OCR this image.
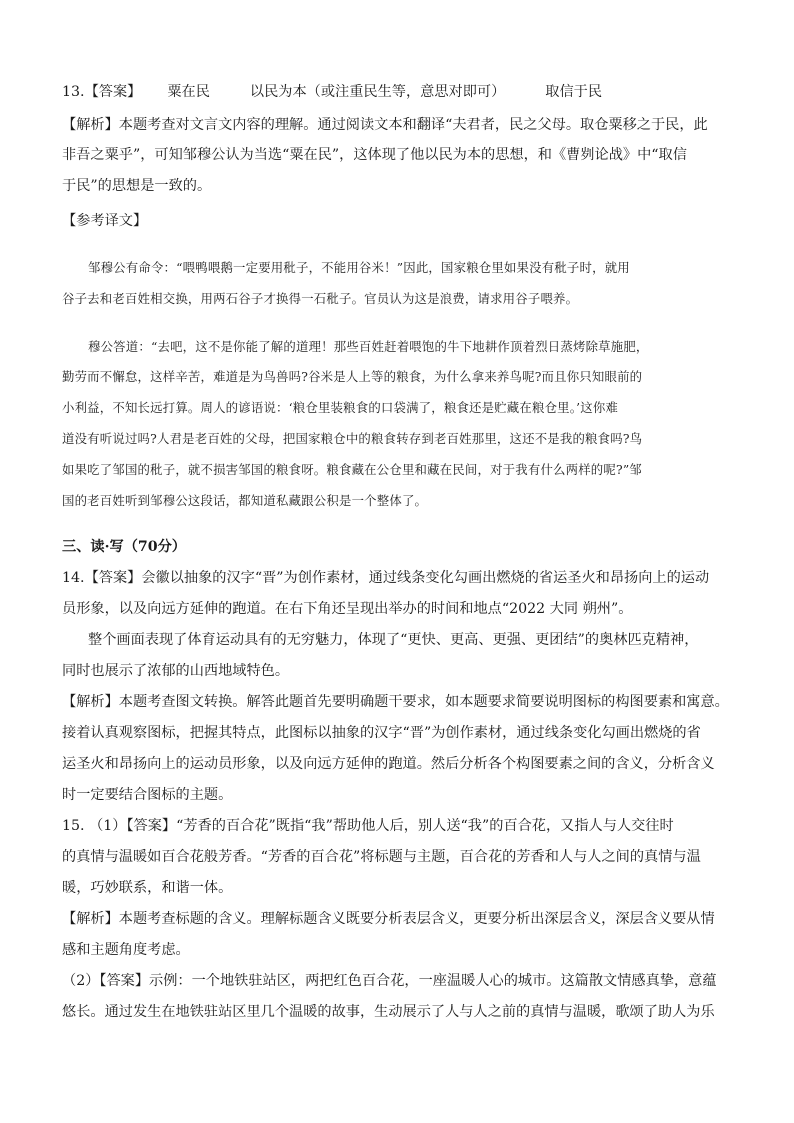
13.【答案】 粟在民	以民为本（或注重民生等，意思对即可）	取信于民
【解析】本题考查对文言文内容的理解。通过阅读文本和翻译“夫君者，民之父母。取仓粟移之于民，此
非吾之粟乎”，可知邹穆公认为当选“粟在民”，这体现了他以民为本的思想，和《曹刿论战》中“取信
于民”的思想是一致的。
【参考译文】
邹穆公有命令：“喂鸭喂鹅一定要用秕子，不能用谷米！”因此，国家粮仓里如果没有秕子时，就用
谷子去和老百姓相交换，用两石谷子才换得一石秕子。官员认为这是浪费，请求用谷子喂养。
穆公答道：“去吧，这不是你能了解的道理！那些百姓赶着喂饱的牛下地耕作顶着烈日蒸烤除草施肥，
勤劳而不懈怠，这样辛苦，难道是为鸟兽吗?谷米是人上等的粮食，为什么拿来养鸟呢?而且你只知眼前的
小利益，不知长远打算。周人的谚语说：‘粮仓里装粮食的口袋满了，粮食还是贮藏在粮仓里。’这你难
道没有听说过吗?人君是老百姓的父母，把国家粮仓中的粮食转存到老百姓那里，这还不是我的粮食吗?鸟
如果吃了邹国的秕子，就不损害邹国的粮食呀。粮食藏在公仓里和藏在民间，对于我有什么两样的呢?”邹
国的老百姓听到邹穆公这段话，都知道私藏跟公积是一个整体了。
三、读·写（70分）
14.【答案】会徽以抽象的汉字“晋”为创作素材，通过线条变化勾画出燃烧的省运圣火和昂扬向上的运动
员形象，以及向远方延伸的跑道。在右下角还呈现出举办的时间和地点“2022 大同 朔州”。
整个画面表现了体育运动具有的无穷魅力，体现了“更快、更高、更强、更团结”的奥林匹克精神，
同时也展示了浓郁的山西地域特色。
【解析】本题考查图文转换。解答此题首先要明确题干要求，如本题要求简要说明图标的构图要素和寓意。
接着认真观察图标，把握其特点，此图标以抽象的汉字“晋”为创作素材，通过线条变化勾画出燃烧的省
运圣火和昂扬向上的运动员形象，以及向远方延伸的跑道。然后分析各个构图要素之间的含义，分析含义
时一定要结合图标的主题。
15. （1）【答案】“芳香的百合花”既指“我”帮助他人后，别人送“我”的百合花，又指人与人交往时
的真情与温暖如百合花般芳香。“芳香的百合花”将标题与主题，百合花的芳香和人与人之间的真情与温
暖，巧妙联系，和谐一体。
【解析】本题考查标题的含义。理解标题含义既要分析表层含义，更要分析出深层含义，深层含义要从情
感和主题角度考虑。
（2）【答案】示例：一个地铁驻站区，两把红色百合花，一座温暖人心的城市。这篇散文情感真挚，意蕴
悠长。通过发生在地铁驻站区里几个温暖的故事，生动展示了人与人之前的真情与温暖，歌颂了助人为乐
